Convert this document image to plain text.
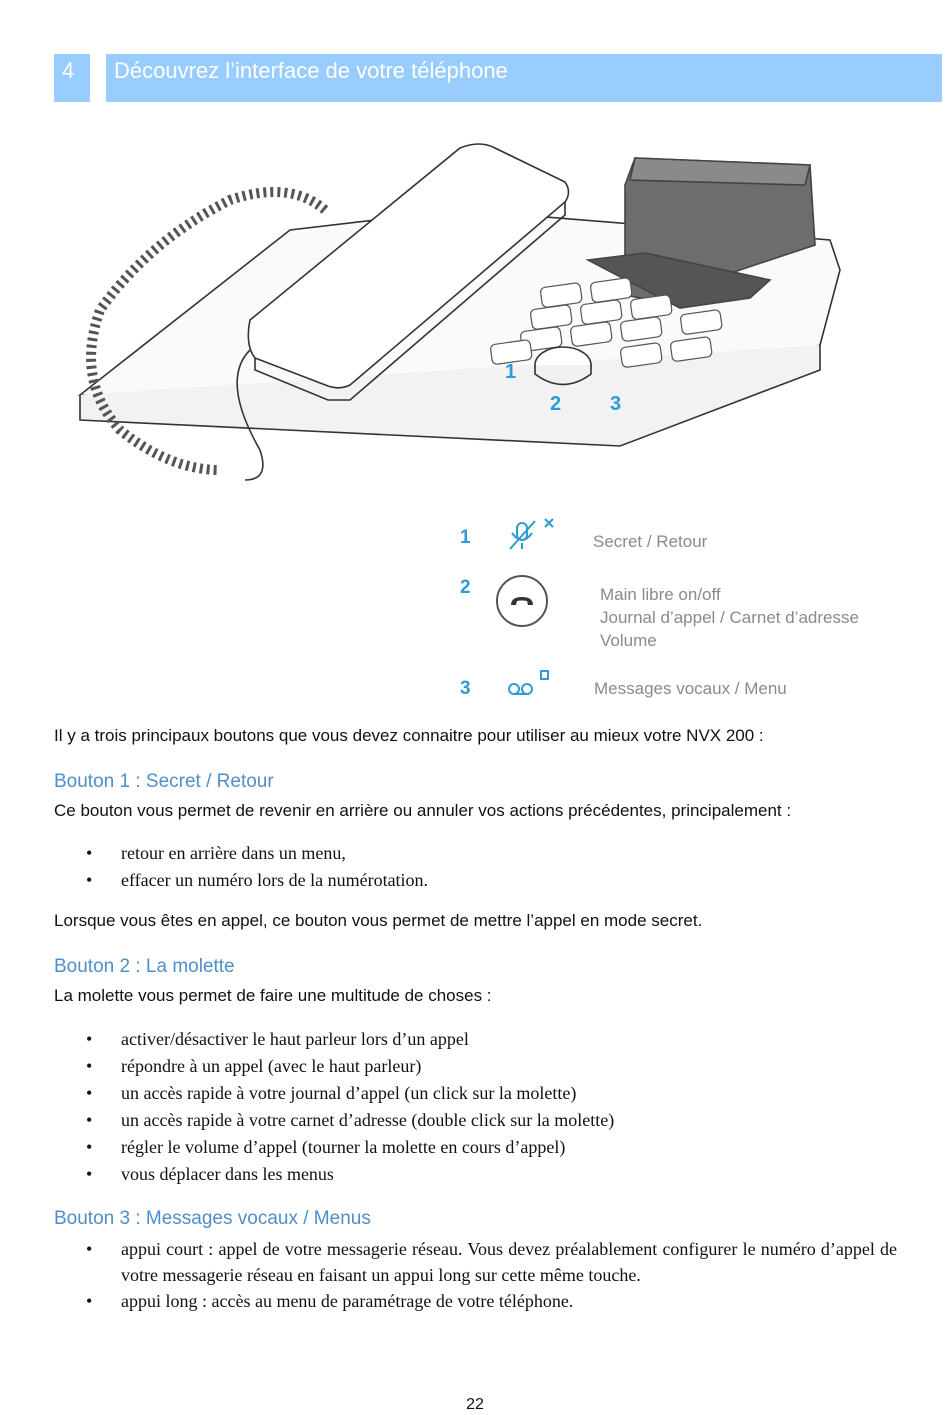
4	Découvrez l’interface de votre téléphone
1
2 3
1	Secret / Retour
2	Main libre on/off
Journal d’appel / Carnet d’adresse
Volume
3	Messages vocaux / Menu
Il y a trois principaux boutons que vous devez connaitre pour utiliser au mieux votre NVX 200 :
Bouton 1 : Secret / Retour
Ce bouton vous permet de revenir en arrière ou annuler vos actions précédentes, principalement :
• retour en arrière dans un menu,
• effacer un numéro lors de la numérotation.
Lorsque vous êtes en appel, ce bouton vous permet de mettre l’appel en mode secret.
Bouton 2 : La molette
La molette vous permet de faire une multitude de choses :
• activer/désactiver le haut parleur lors d’un appel
• répondre à un appel (avec le haut parleur)
• un accès rapide à votre journal d’appel (un click sur la molette)
• un accès rapide à votre carnet d’adresse (double click sur la molette)
• régler le volume d’appel (tourner la molette en cours d’appel)
• vous déplacer dans les menus
Bouton 3 : Messages vocaux / Menus
• appui court : appel de votre messagerie réseau. Vous devez préalablement configurer le numéro d’appel de votre messagerie réseau en faisant un appui long sur cette même touche.
• appui long : accès au menu de paramétrage de votre téléphone.
22
